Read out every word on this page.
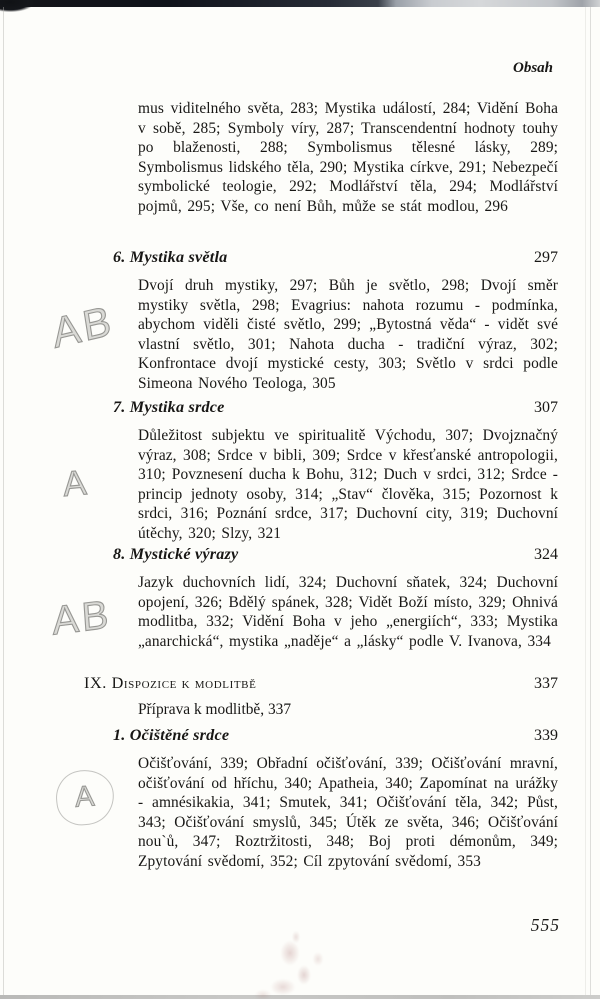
Obsah
mus viditelného světa, 283; Mystika událostí, 284; Vidění Boha v sobě, 285; Symboly víry, 287; Transcendentní hodnoty touhy po blaženosti, 288; Symbolismus tělesné lásky, 289; Symbolismus lidského těla, 290; Mystika církve, 291; Nebezpečí symbolické teologie, 292; Modlářství těla, 294; Modlářství pojmů, 295; Vše, co není Bůh, může se stát modlou, 296
6. Mystika světla	297
Dvojí druh mystiky, 297; Bůh je světlo, 298; Dvojí směr mystiky světla, 298; Evagrius: nahota rozumu - podmínka, abychom viděli čisté světlo, 299; „Bytostná věda“ - vidět své vlastní světlo, 301; Nahota ducha - tradiční výraz, 302; Konfrontace dvojí mystické cesty, 303; Světlo v srdci podle Simeona Nového Teologa, 305
7. Mystika srdce	307
Důležitost subjektu ve spiritualitě Východu, 307; Dvojznačný výraz, 308; Srdce v bibli, 309; Srdce v křesťanské antropologii, 310; Povznesení ducha k Bohu, 312; Duch v srdci, 312; Srdce - princip jednoty osoby, 314; „Stav“ člověka, 315; Pozornost k srdci, 316; Poznání srdce, 317; Duchovní city, 319; Duchovní útěchy, 320; Slzy, 321
8. Mystické výrazy	324
Jazyk duchovních lidí, 324; Duchovní sňatek, 324; Duchovní opojení, 326; Bdělý spánek, 328; Vidět Boží místo, 329; Ohnivá modlitba, 332; Vidění Boha v jeho „energiích“, 333; Mystika „anarchická“, mystika „naděje“ a „lásky“ podle V. Ivanova, 334
IX. Dispozice k modlitbě	337
Příprava k modlitbě, 337
1. Očištěné srdce	339
Očišťování, 339; Obřadní očišťování, 339; Očišťování mravní, očišťování od hříchu, 340; Apatheia, 340; Zapomínat na urážky - amnésikakia, 341; Smutek, 341; Očišťování těla, 342; Půst, 343; Očišťování smyslů, 345; Útěk ze světa, 346; Očišťování nou`ů, 347; Roztržitosti, 348; Boj proti démonům, 349; Zpytování svědomí, 352; Cíl zpytování svědomí, 353
AB
A
AB
A
555
